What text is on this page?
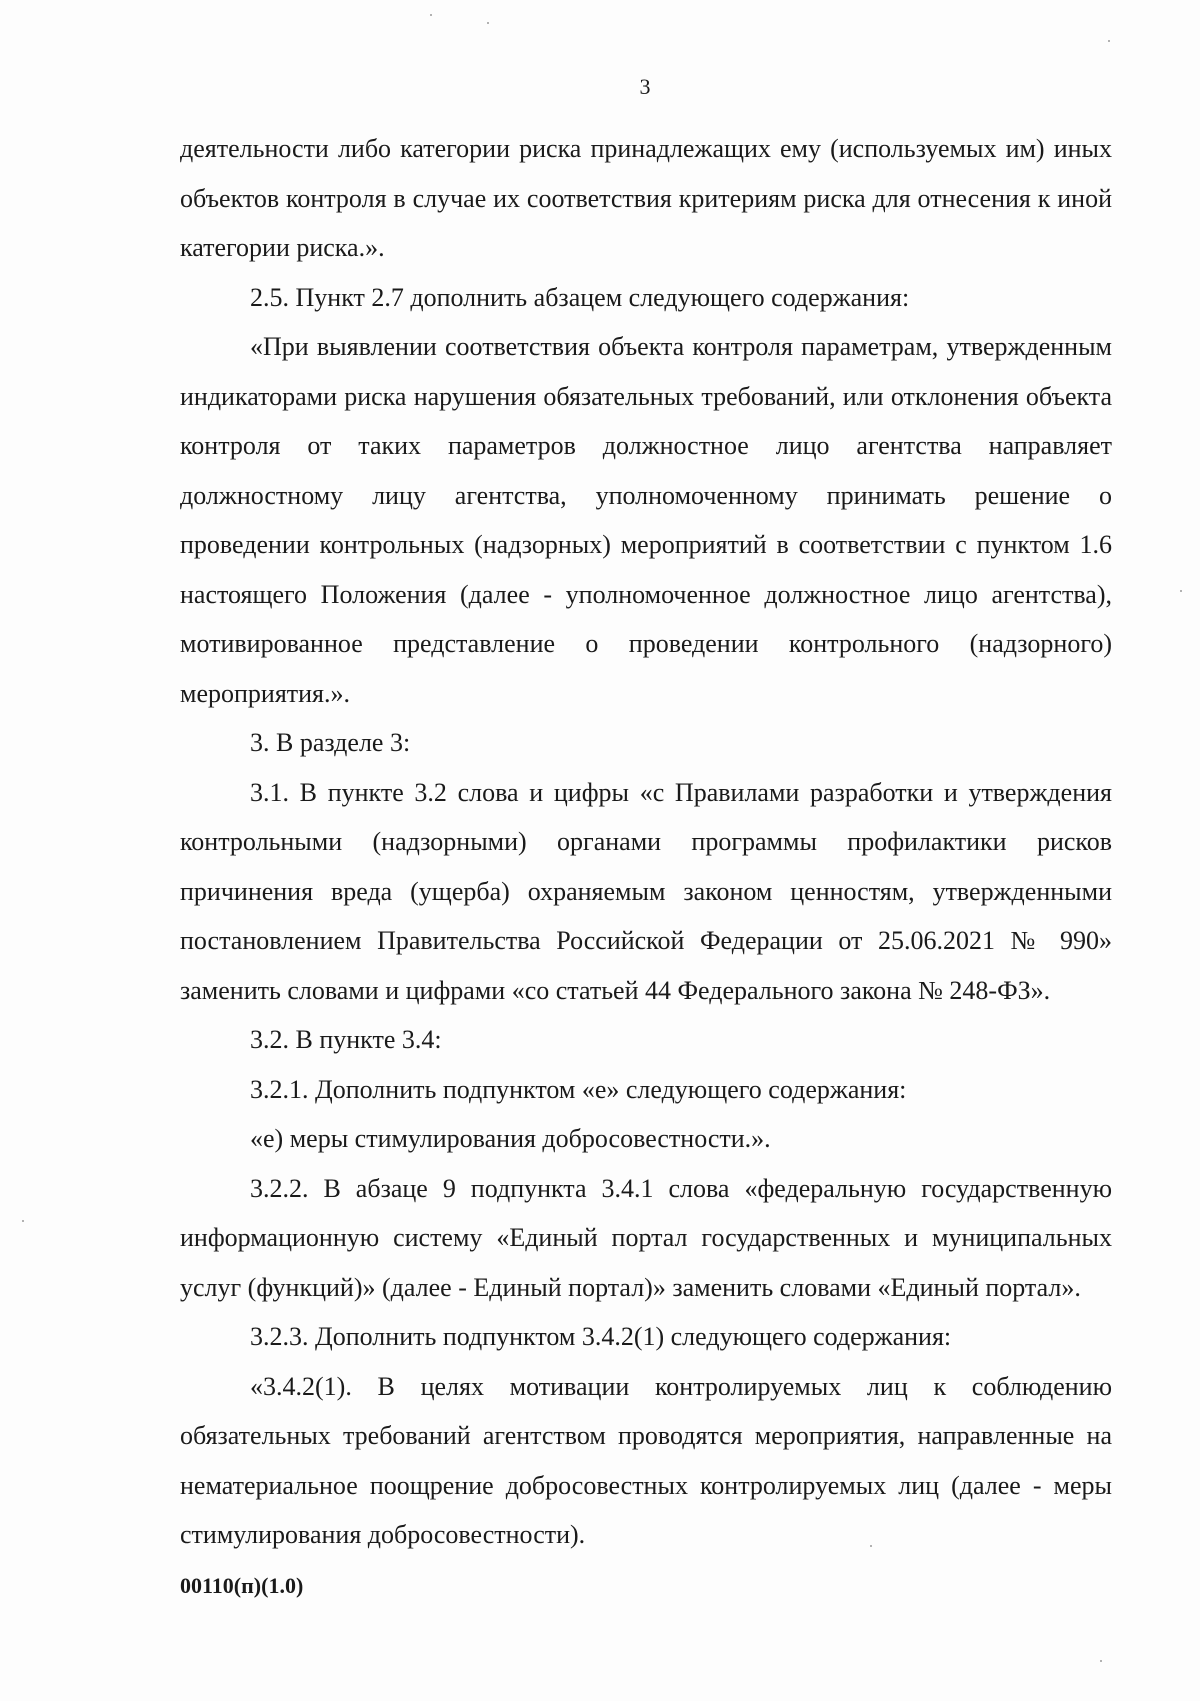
3

деятельности либо категории риска принадлежащих ему (используемых им) иных объектов контроля в случае их соответствия критериям риска для отнесения к иной категории риска.».

2.5. Пункт 2.7 дополнить абзацем следующего содержания:

«При выявлении соответствия объекта контроля параметрам, утвержденным индикаторами риска нарушения обязательных требований, или отклонения объекта контроля от таких параметров должностное лицо агентства направляет должностному лицу агентства, уполномоченному принимать решение о проведении контрольных (надзорных) мероприятий в соответствии с пунктом 1.6 настоящего Положения (далее - уполномоченное должностное лицо агентства), мотивированное представление о проведении контрольного (надзорного) мероприятия.».

3. В разделе 3:

3.1. В пункте 3.2 слова и цифры «с Правилами разработки и утверждения контрольными (надзорными) органами программы профилактики рисков причинения вреда (ущерба) охраняемым законом ценностям, утвержденными постановлением Правительства Российской Федерации от 25.06.2021 № 990» заменить словами и цифрами «со статьей 44 Федерального закона № 248-ФЗ».

3.2. В пункте 3.4:

3.2.1. Дополнить подпунктом «е» следующего содержания:

«е) меры стимулирования добросовестности.».

3.2.2. В абзаце 9 подпункта 3.4.1 слова «федеральную государственную информационную систему «Единый портал государственных и муниципальных услуг (функций)» (далее - Единый портал)» заменить словами «Единый портал».

3.2.3. Дополнить подпунктом 3.4.2(1) следующего содержания:

«3.4.2(1). В целях мотивации контролируемых лиц к соблюдению обязательных требований агентством проводятся мероприятия, направленные на нематериальное поощрение добросовестных контролируемых лиц (далее - меры стимулирования добросовестности).

00110(п)(1.0)
